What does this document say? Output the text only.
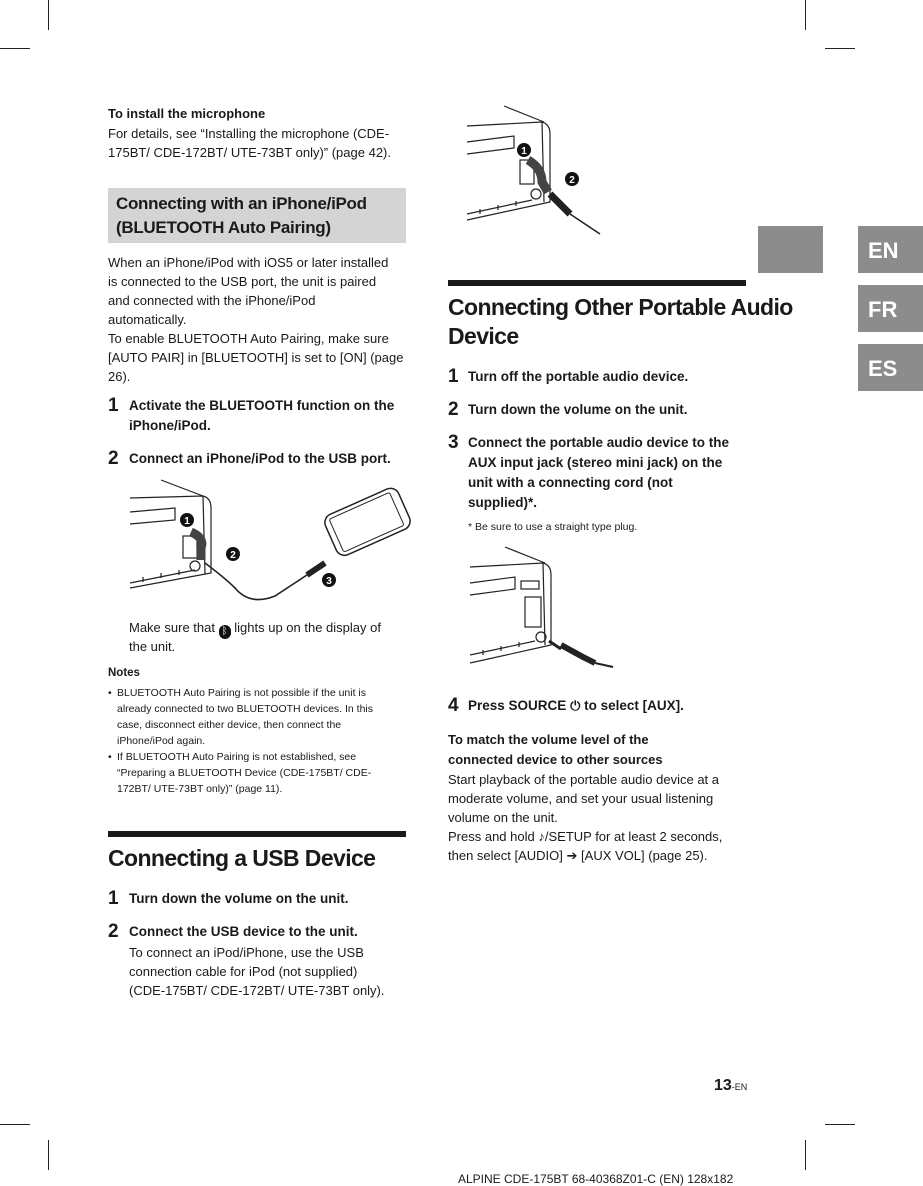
To install the microphone
For details, see “Installing the microphone (CDE-
175BT/ CDE-172BT/ UTE-73BT only)” (page 42).
Connecting with an iPhone/iPod
(BLUETOOTH Auto Pairing)
When an iPhone/iPod with iOS5 or later installed
is connected to the USB port, the unit is paired
and connected with the iPhone/iPod
automatically.
To enable BLUETOOTH Auto Pairing, make sure
[AUTO PAIR] in [BLUETOOTH] is set to [ON] (page
26).
1 Activate the BLUETOOTH function on the
iPhone/iPod.
2 Connect an iPhone/iPod to the USB port.
1
2
3
Make sure that ᛒ lights up on the display of
the unit.
Notes
• BLUETOOTH Auto Pairing is not possible if the unit is
already connected to two BLUETOOTH devices. In this
case, disconnect either device, then connect the
iPhone/iPod again.
• If BLUETOOTH Auto Pairing is not established, see
“Preparing a BLUETOOTH Device (CDE-175BT/ CDE-
172BT/ UTE-73BT only)” (page 11).
Connecting a USB Device
1 Turn down the volume on the unit.
2 Connect the USB device to the unit.
To connect an iPod/iPhone, use the USB
connection cable for iPod (not supplied)
(CDE-175BT/ CDE-172BT/ UTE-73BT only).
1
2
Connecting Other Portable Audio
Device
1 Turn off the portable audio device.
2 Turn down the volume on the unit.
3 Connect the portable audio device to the
AUX input jack (stereo mini jack) on the
unit with a connecting cord (not
supplied)*.
* Be sure to use a straight type plug.
4 Press SOURCE ⏻ to select [AUX].
To match the volume level of the
connected device to other sources
Start playback of the portable audio device at a
moderate volume, and set your usual listening
volume on the unit.
Press and hold ♪/SETUP for at least 2 seconds,
then select [AUDIO] ➔ [AUX VOL] (page 25).
EN
FR
ES
13-EN
ALPINE CDE-175BT 68-40368Z01-C (EN) 128x182
